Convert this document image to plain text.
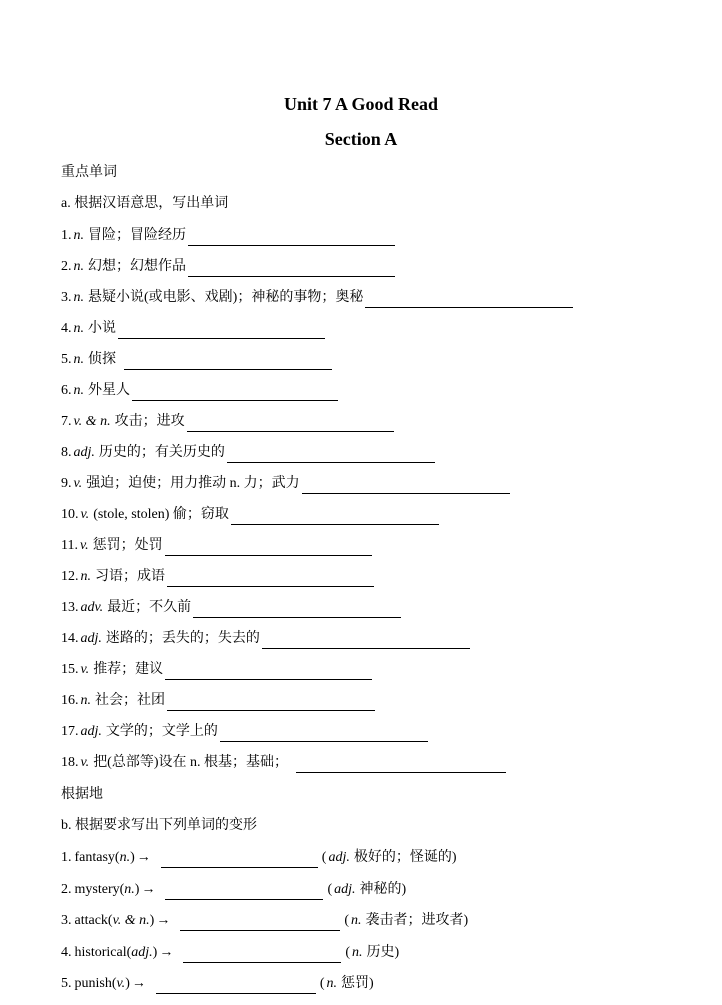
Unit 7 A Good Read
Section A
重点单词
a. 根据汉语意思，写出单词
1. n. 冒险；冒险经历
2. n. 幻想；幻想作品
3. n. 悬疑小说(或电影、戏剧)；神秘的事物；奥秘
4. n. 小说
5. n. 侦探
6. n. 外星人
7. v. & n. 攻击；进攻
8. adj. 历史的；有关历史的
9. v. 强迫；迫使；用力推动 n. 力；武力
10. v. (stole, stolen) 偷；窃取
11. v. 惩罚；处罚
12. n. 习语；成语
13. adv. 最近；不久前
14. adj. 迷路的；丢失的；失去的
15. v. 推荐；建议
16. n. 社会；社团
17. adj. 文学的；文学上的
18. v. 把(总部等)设在 n. 根基；基础；
根据地
b. 根据要求写出下列单词的变形
1. fantasy(n.) →	( adj. 极好的；怪诞的)
2. mystery(n.) →	( adj. 神秘的)
3. attack(v. & n.) →	( n. 袭击者；进攻者)
4. historical(adj.) →	( n. 历史)
5. punish(v.) →	( n. 惩罚)
